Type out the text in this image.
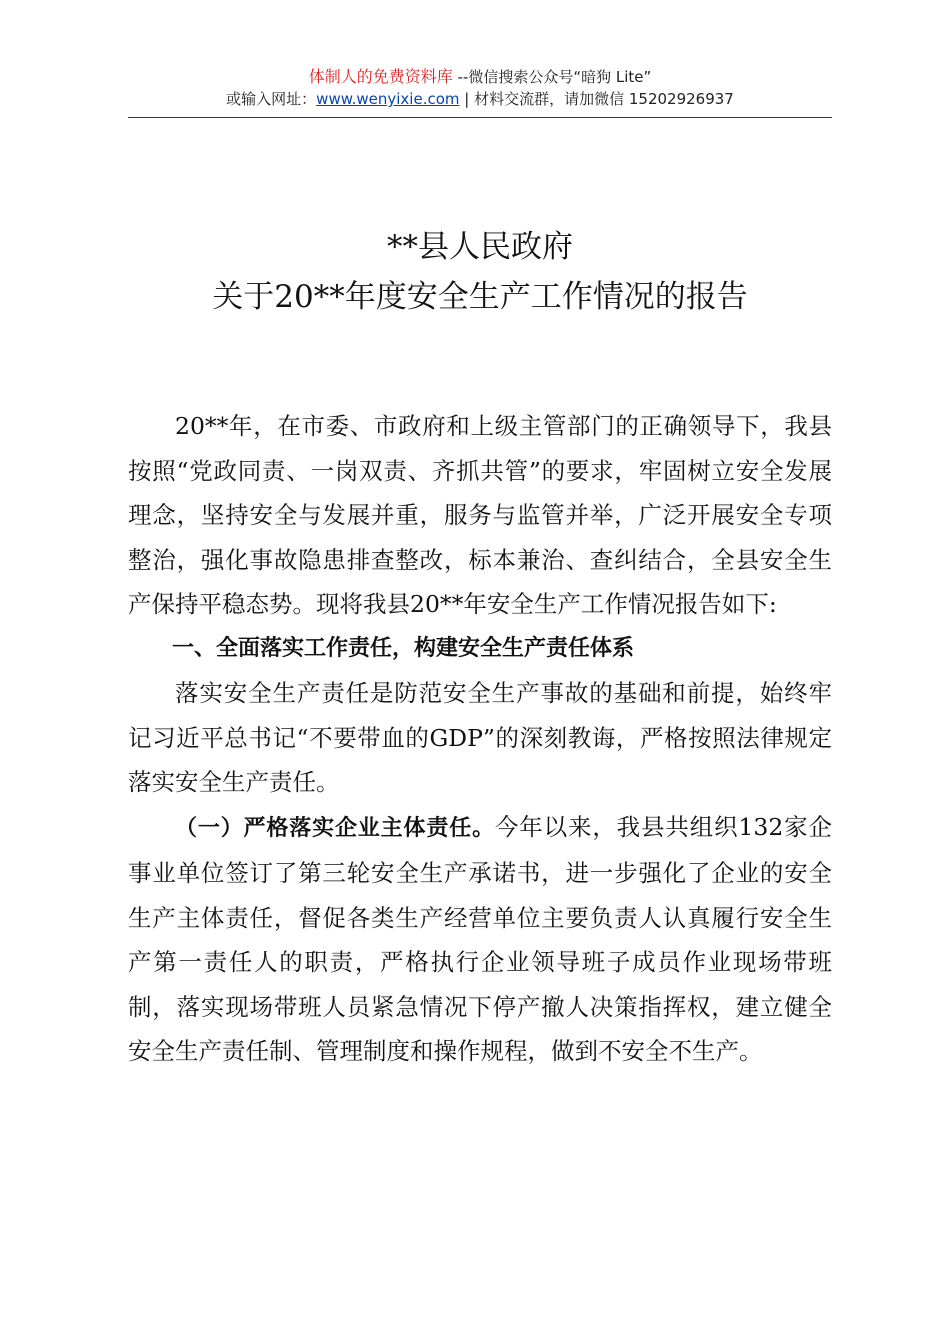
体制人的免费资料库 --微信搜索公众号“暗狗 Lite”
或输入网址：www.wenyixie.com | 材料交流群，请加微信 15202926937
**县人民政府
关于20**年度安全生产工作情况的报告

20**年，在市委、市政府和上级主管部门的正确领导下，我县按照“党政同责、一岗双责、齐抓共管”的要求，牢固树立安全发展理念，坚持安全与发展并重，服务与监管并举，广泛开展安全专项整治，强化事故隐患排查整改，标本兼治、查纠结合，全县安全生产保持平稳态势。现将我县20**年安全生产工作情况报告如下:

一、全面落实工作责任，构建安全生产责任体系

落实安全生产责任是防范安全生产事故的基础和前提，始终牢记习近平总书记“不要带血的GDP”的深刻教诲，严格按照法律规定落实安全生产责任。

（一）严格落实企业主体责任。今年以来，我县共组织132家企事业单位签订了第三轮安全生产承诺书，进一步强化了企业的安全生产主体责任，督促各类生产经营单位主要负责人认真履行安全生产第一责任人的职责，严格执行企业领导班子成员作业现场带班制，落实现场带班人员紧急情况下停产撤人决策指挥权，建立健全安全生产责任制、管理制度和操作规程，做到不安全不生产。
